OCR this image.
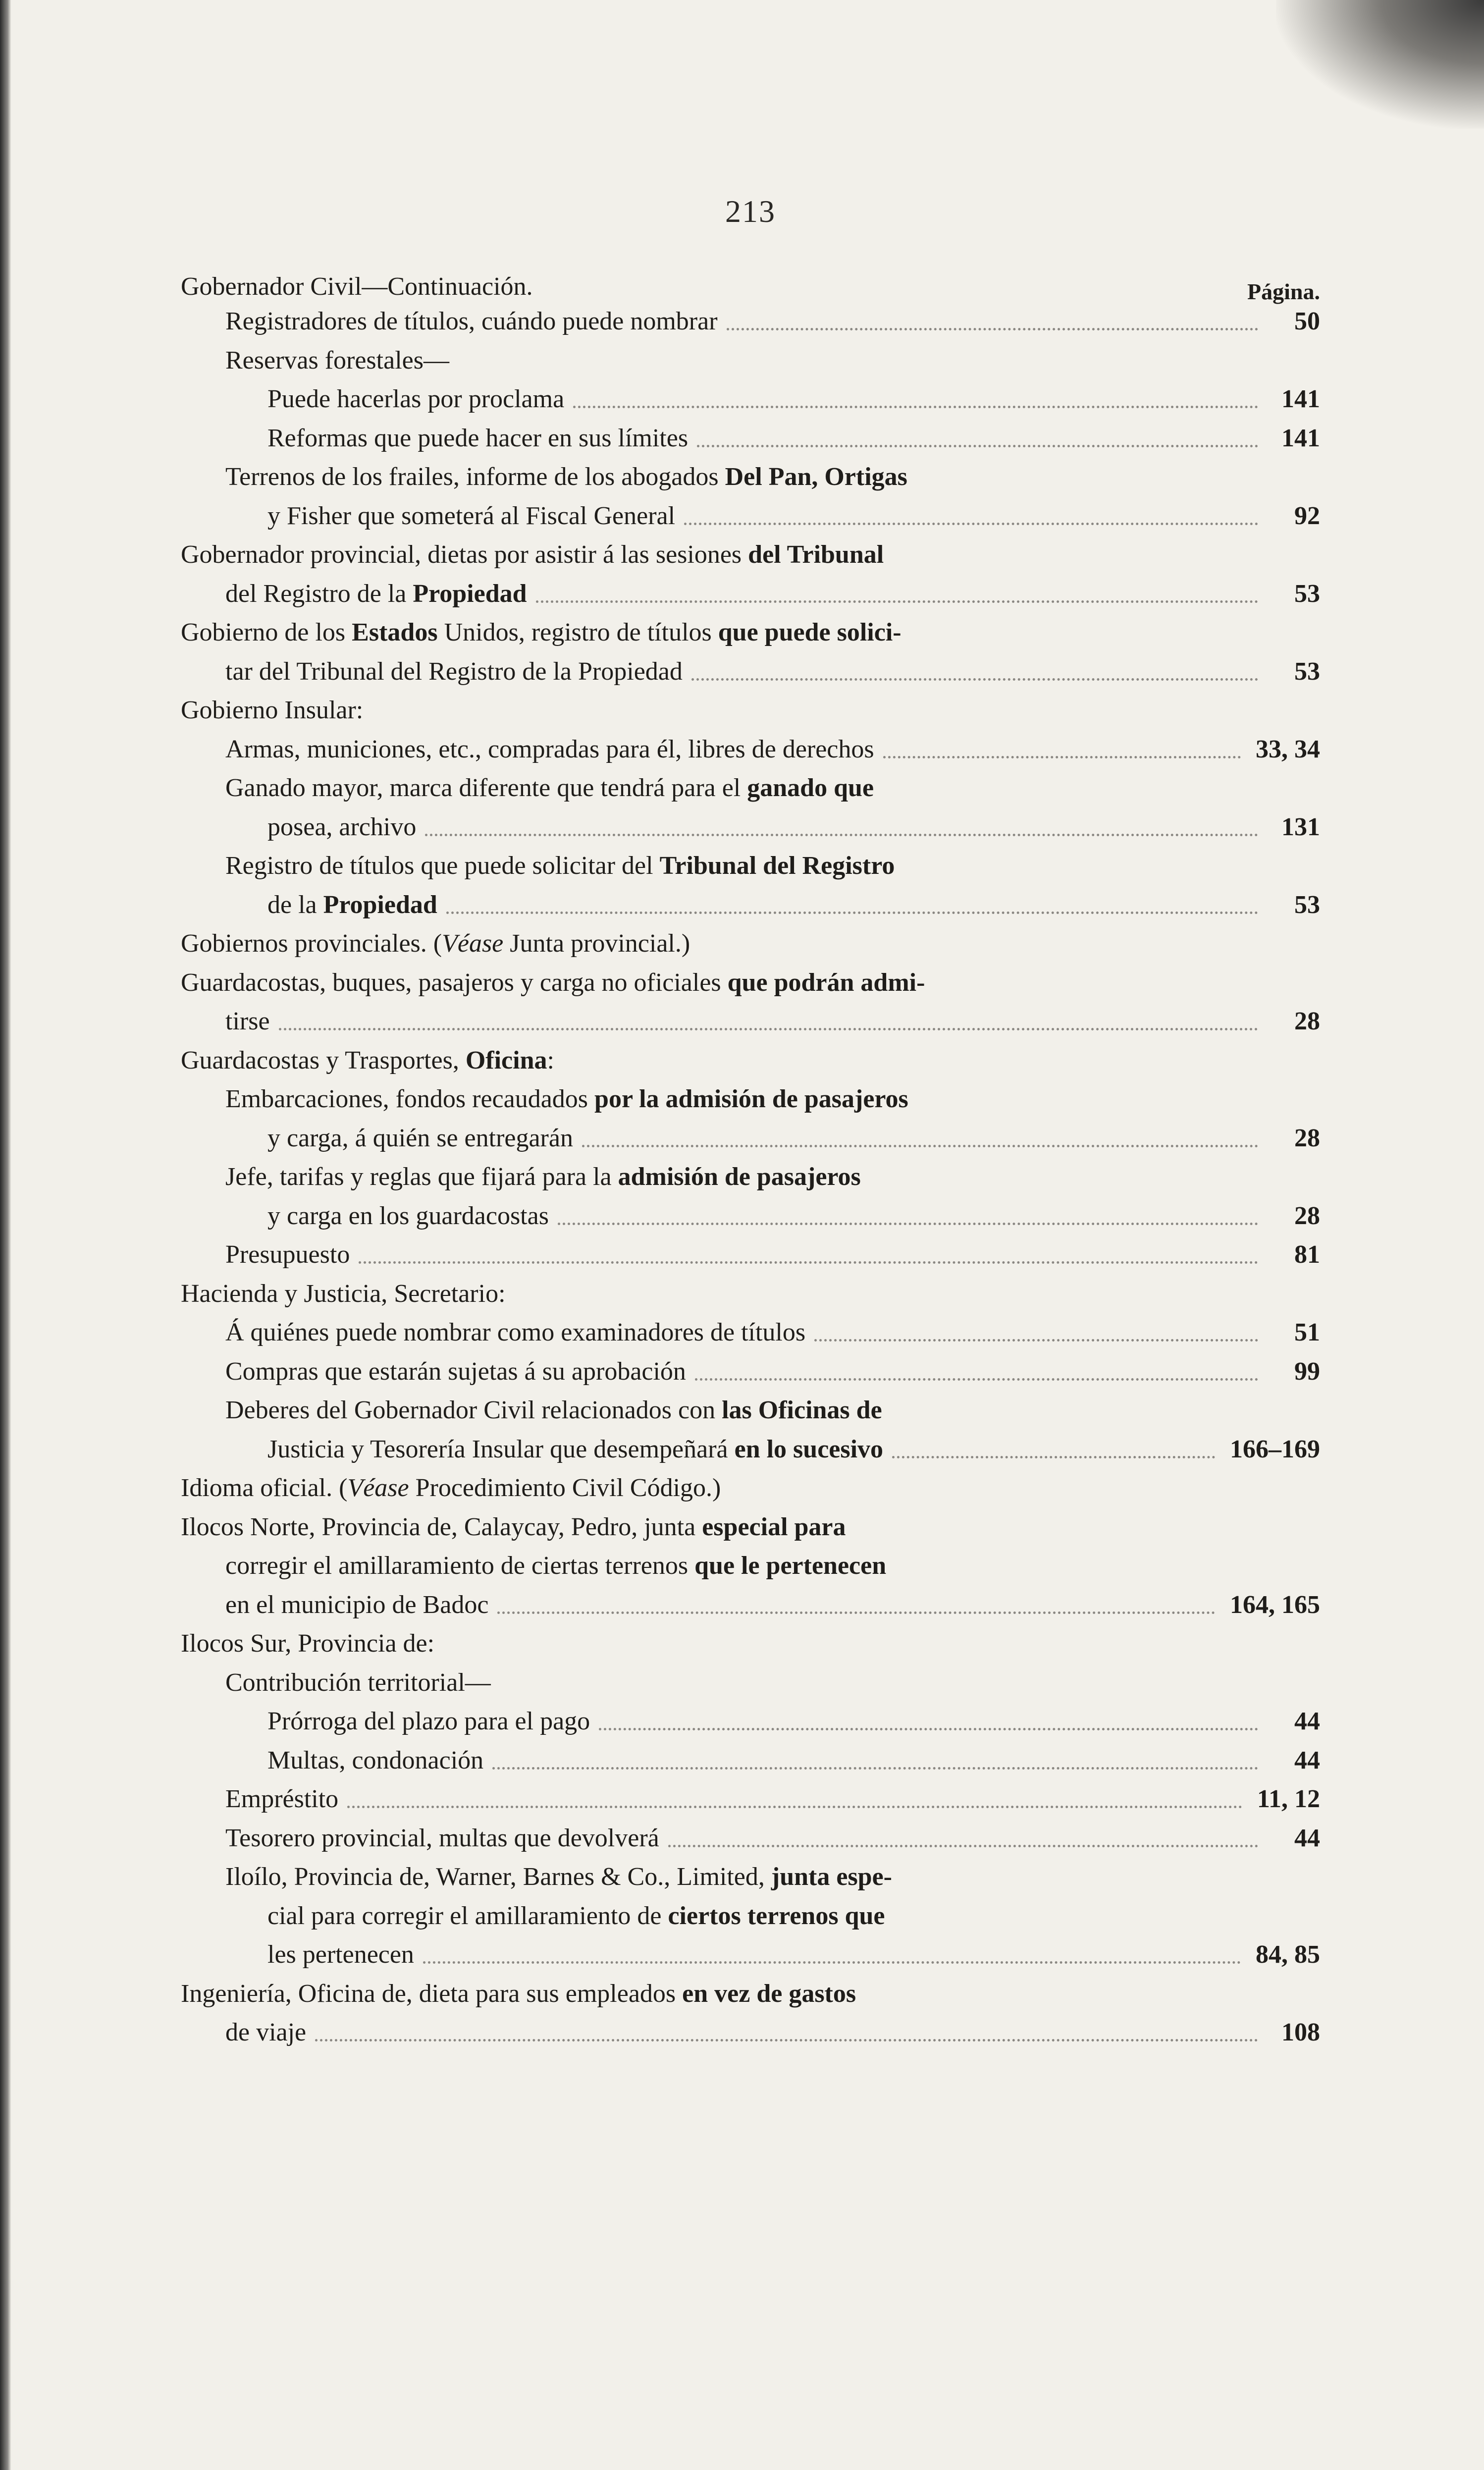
213
Página.
Gobernador Civil—Continuación.
Registradores de títulos, cuándo puede nombrar	50
Reservas forestales—
Puede hacerlas por proclama	141
Reformas que puede hacer en sus límites	141
Terrenos de los frailes, informe de los abogados Del Pan, Ortigas
y Fisher que someterá al Fiscal General	92
Gobernador provincial, dietas por asistir á las sesiones del Tribunal
del Registro de la Propiedad	53
Gobierno de los Estados Unidos, registro de títulos que puede solici-
tar del Tribunal del Registro de la Propiedad	53
Gobierno Insular:
Armas, municiones, etc., compradas para él, libres de derechos	33, 34
Ganado mayor, marca diferente que tendrá para el ganado que
posea, archivo	131
Registro de títulos que puede solicitar del Tribunal del Registro
de la Propiedad	53
Gobiernos provinciales. (Véase Junta provincial.)
Guardacostas, buques, pasajeros y carga no oficiales que podrán admi-
tirse	28
Guardacostas y Trasportes, Oficina:
Embarcaciones, fondos recaudados por la admisión de pasajeros
y carga, á quién se entregarán	28
Jefe, tarifas y reglas que fijará para la admisión de pasajeros
y carga en los guardacostas	28
Presupuesto	81
Hacienda y Justicia, Secretario:
Á quiénes puede nombrar como examinadores de títulos	51
Compras que estarán sujetas á su aprobación	99
Deberes del Gobernador Civil relacionados con las Oficinas de
Justicia y Tesorería Insular que desempeñará en lo sucesivo	166–169
Idioma oficial. (Véase Procedimiento Civil Código.)
Ilocos Norte, Provincia de, Calaycay, Pedro, junta especial para
corregir el amillaramiento de ciertas terrenos que le pertenecen
en el municipio de Badoc	164, 165
Ilocos Sur, Provincia de:
Contribución territorial—
Prórroga del plazo para el pago	44
Multas, condonación	44
Empréstito	11, 12
Tesorero provincial, multas que devolverá	44
Iloílo, Provincia de, Warner, Barnes & Co., Limited, junta espe-
cial para corregir el amillaramiento de ciertos terrenos que
les pertenecen	84, 85
Ingeniería, Oficina de, dieta para sus empleados en vez de gastos
de viaje	108
